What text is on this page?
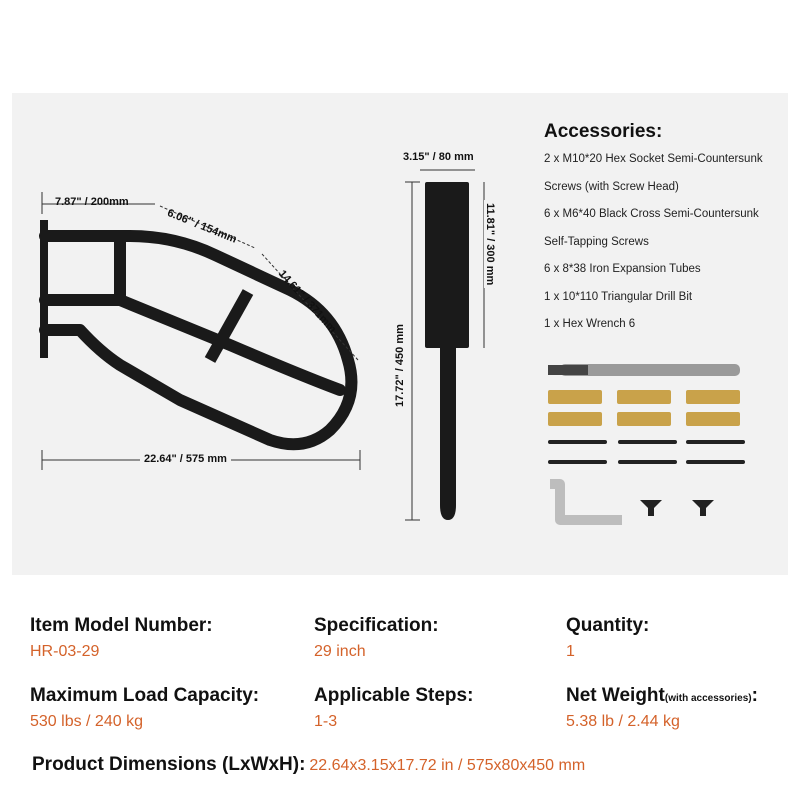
7.87" / 200mm
6.06" / 154mm
14.61" / 371mm
22.64" / 575 mm
3.15" / 80 mm
17.72" / 450 mm
11.81" / 300 mm
Accessories:
2 x M10*20 Hex Socket Semi-Countersunk
Screws (with Screw Head)
6 x M6*40 Black Cross Semi-Countersunk
Self-Tapping Screws
6 x 8*38 Iron Expansion Tubes
1 x 10*110 Triangular Drill Bit
1 x Hex Wrench 6
Item Model Number:
HR-03-29
Specification:
29 inch
Quantity:
1
Maximum Load Capacity:
530 lbs / 240 kg
Applicable Steps:
1-3
Net Weight(with accessories):
5.38 lb / 2.44 kg
Product Dimensions (LxWxH): 22.64x3.15x17.72 in / 575x80x450 mm
